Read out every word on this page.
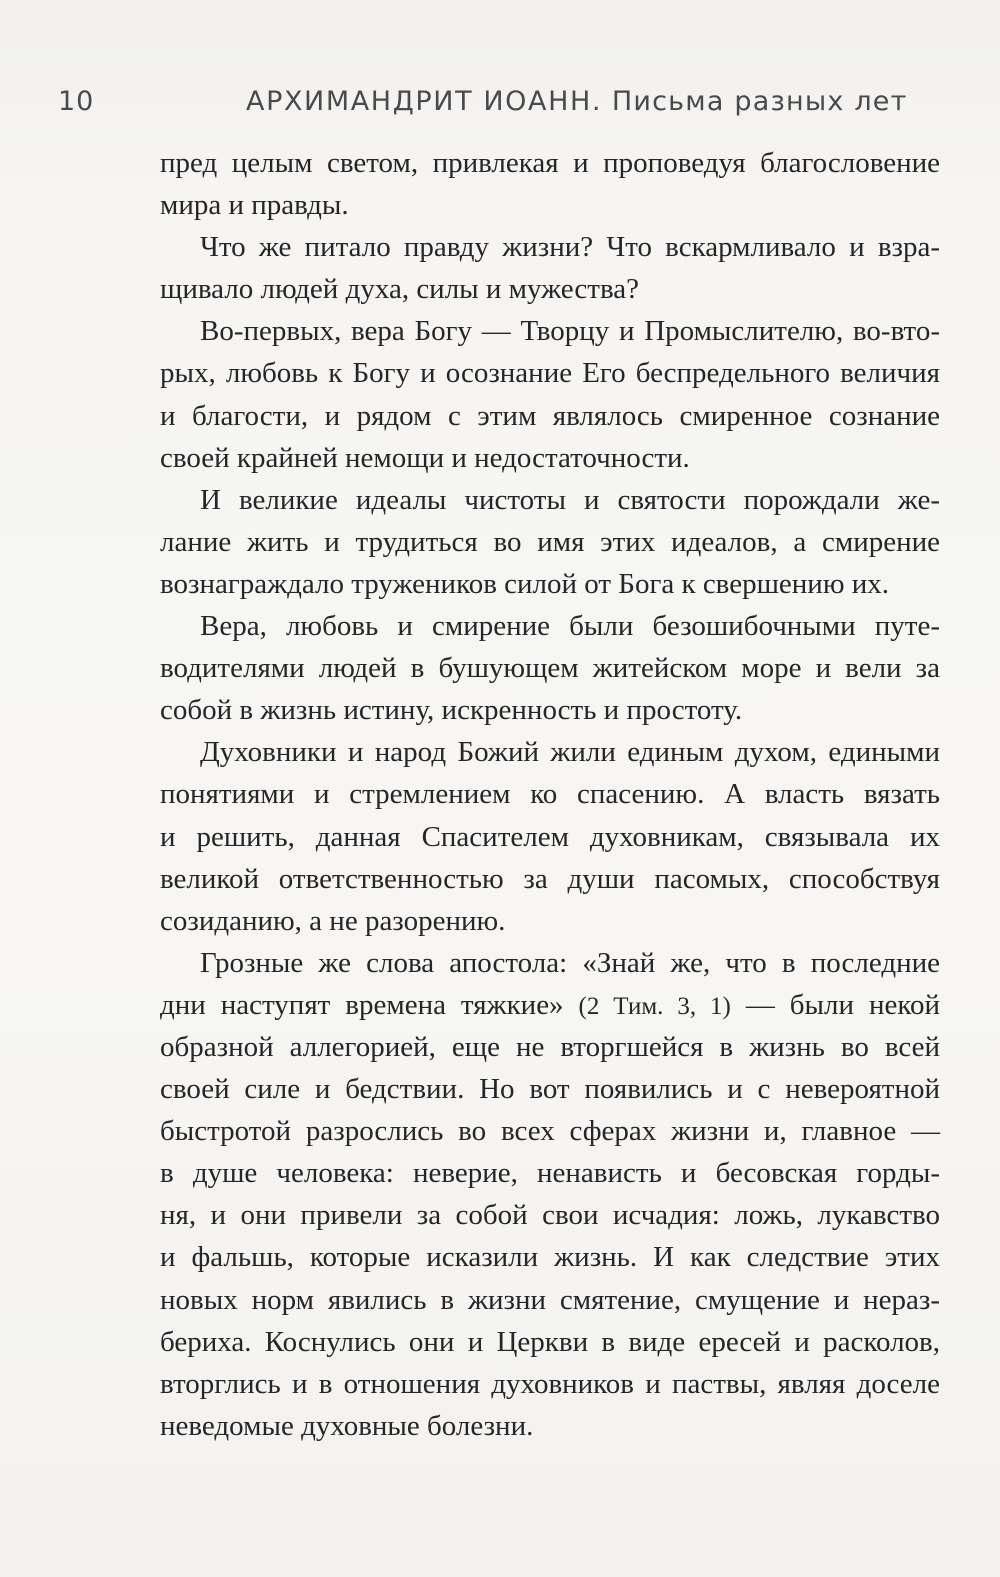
10	АРХИМАНДРИТ ИОАНН. Письма разных лет
пред целым светом, привлекая и проповедуя благословение
мира и правды.
Что же питало правду жизни? Что вскармливало и взра-
щивало людей духа, силы и мужества?
Во-первых, вера Богу — Творцу и Промыслителю, во-вто-
рых, любовь к Богу и осознание Его беспредельного величия
и благости, и рядом с этим являлось смиренное сознание
своей крайней немощи и недостаточности.
И великие идеалы чистоты и святости порождали же-
лание жить и трудиться во имя этих идеалов, а смирение
вознаграждало тружеников силой от Бога к свершению их.
Вера, любовь и смирение были безошибочными путе-
водителями людей в бушующем житейском море и вели за
собой в жизнь истину, искренность и простоту.
Духовники и народ Божий жили единым духом, едиными
понятиями и стремлением ко спасению. А власть вязать
и решить, данная Спасителем духовникам, связывала их
великой ответственностью за души пасомых, способствуя
созиданию, а не разорению.
Грозные же слова апостола: «Знай же, что в последние
дни наступят времена тяжкие» (2 Тим. 3, 1) — были некой
образной аллегорией, еще не вторгшейся в жизнь во всей
своей силе и бедствии. Но вот появились и с невероятной
быстротой разрослись во всех сферах жизни и, главное —
в душе человека: неверие, ненависть и бесовская горды-
ня, и они привели за собой свои исчадия: ложь, лукавство
и фальшь, которые исказили жизнь. И как следствие этих
новых норм явились в жизни смятение, смущение и нераз-
бериха. Коснулись они и Церкви в виде ересей и расколов,
вторглись и в отношения духовников и паствы, являя доселе
неведомые духовные болезни.
